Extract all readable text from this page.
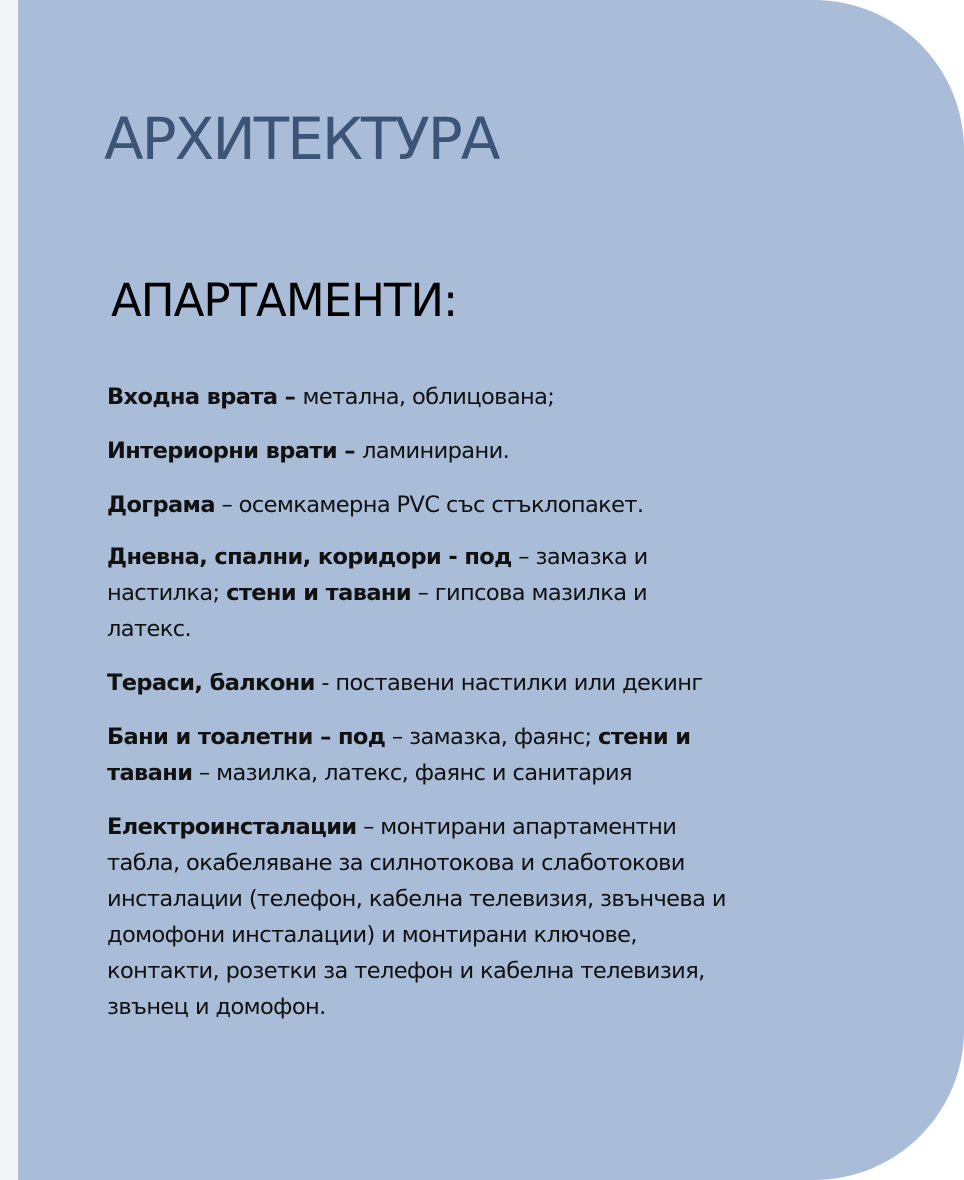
АРХИТЕКТУРА
АПАРТАМЕНТИ:
Входна врата – метална, облицована;
Интериорни врати – ламинирани.
Дограма – осемкамерна PVC със стъклопакет.
Дневна, спални, коридори - под – замазка и настилка; стени и тавани – гипсова мазилка и латекс.
Тераси, балкони - поставени настилки или декинг
Бани и тоалетни – под – замазка, фаянс; стени и тавани – мазилка, латекс, фаянс и санитария
Електроинсталации – монтирани апартаментни табла, окабеляване за силнотокова и слаботокови инсталации (телефон, кабелна телевизия, звънчева и домофони инсталации) и монтирани ключове, контакти, розетки за телефон и кабелна телевизия, звънец и домофон.
